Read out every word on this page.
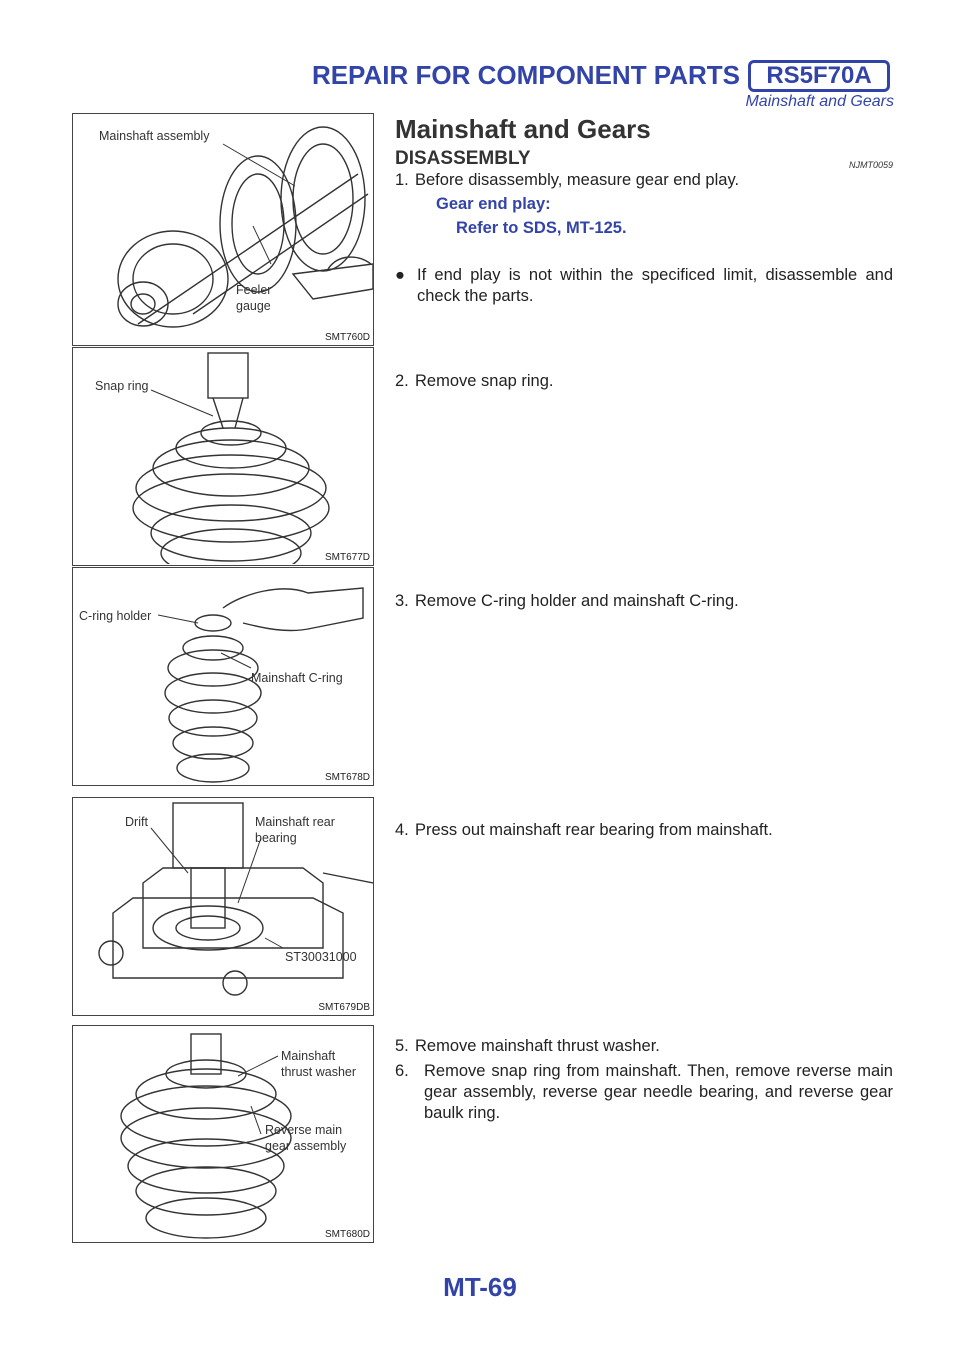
REPAIR FOR COMPONENT PARTS	RS5F70A
Mainshaft and Gears
Mainshaft assembly
Feeler
gauge
SMT760D
Snap ring
SMT677D
C-ring holder
Mainshaft C-ring
SMT678D
Drift	Mainshaft rear
bearing
ST30031000
SMT679DB
Mainshaft
thrust washer
Reverse main
gear assembly
SMT680D
Mainshaft and Gears
DISASSEMBLY	NJMT0059
1. Before disassembly, measure gear end play.
Gear end play:
Refer to SDS, MT-125.
● If end play is not within the specificed limit, disassemble and check the parts.
2. Remove snap ring.
3. Remove C-ring holder and mainshaft C-ring.
4. Press out mainshaft rear bearing from mainshaft.
5. Remove mainshaft thrust washer.
6. Remove snap ring from mainshaft. Then, remove reverse main gear assembly, reverse gear needle bearing, and reverse gear baulk ring.
MT-69
